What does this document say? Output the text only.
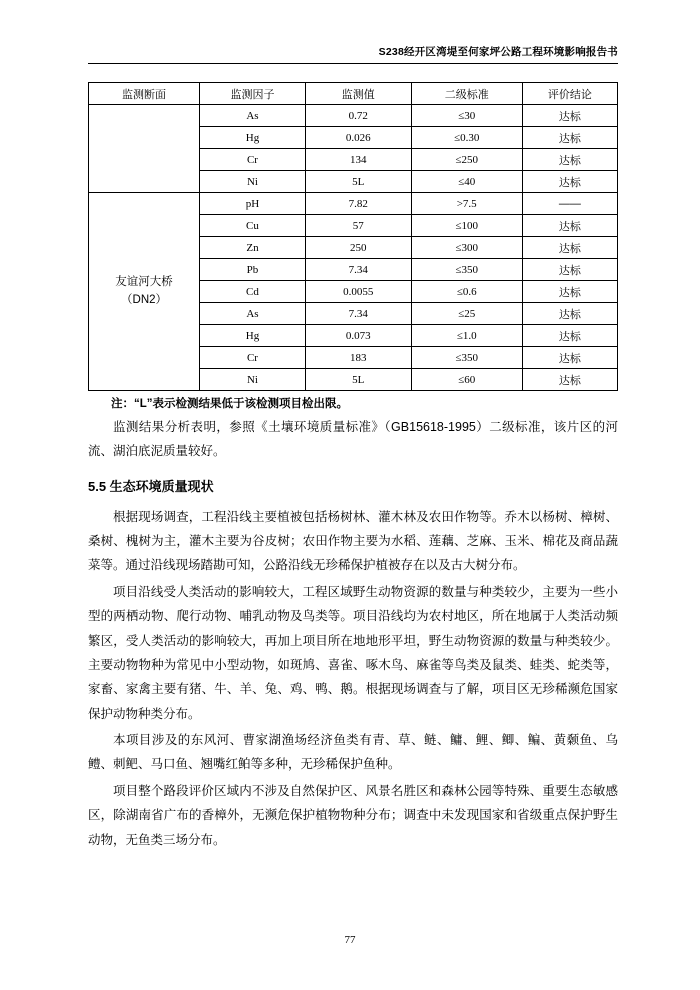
S238经开区湾堤至何家坪公路工程环境影响报告书
监测断面	监测因子	监测值	二级标准	评价结论
	As	0.72	≤30	达标
	Hg	0.026	≤0.30	达标
	Cr	134	≤250	达标
	Ni	5L	≤40	达标

友谊河大桥
（DN2）	pH	7.82	>7.5	——
	Cu	57	≤100	达标
	Zn	250	≤300	达标
	Pb	7.34	≤350	达标
	Cd	0.0055	≤0.6	达标
	As	7.34	≤25	达标
	Hg	0.073	≤1.0	达标
	Cr	183	≤350	达标
	Ni	5L	≤60	达标
注：“L”表示检测结果低于该检测项目检出限。

监测结果分析表明，参照《土壤环境质量标准》（GB15618-1995）二级标准，该片区的河流、湖泊底泥质量较好。

5.5 生态环境质量现状

根据现场调查，工程沿线主要植被包括杨树林、灌木林及农田作物等。乔木以杨树、樟树、桑树、槐树为主，灌木主要为谷皮树；农田作物主要为水稻、莲藕、芝麻、玉米、棉花及商品蔬菜等。通过沿线现场踏勘可知，公路沿线无珍稀保护植被存在以及古大树分布。

项目沿线受人类活动的影响较大，工程区域野生动物资源的数量与种类较少，主要为一些小型的两栖动物、爬行动物、哺乳动物及鸟类等。项目沿线均为农村地区，所在地属于人类活动频繁区，受人类活动的影响较大，再加上项目所在地地形平坦，野生动物资源的数量与种类较少。主要动物物种为常见中小型动物，如斑鸠、喜雀、啄木鸟、麻雀等鸟类及鼠类、蛙类、蛇类等，家畜、家禽主要有猪、牛、羊、兔、鸡、鸭、鹅。根据现场调查与了解，项目区无珍稀濒危国家保护动物种类分布。

本项目涉及的东风河、曹家湖渔场经济鱼类有青、草、鲢、鳙、鲤、鲫、鳊、黄颡鱼、乌鳢、刺鲃、马口鱼、翘嘴红鲌等多种，无珍稀保护鱼种。

项目整个路段评价区域内不涉及自然保护区、风景名胜区和森林公园等特殊、重要生态敏感区，除湖南省广布的香樟外，无濒危保护植物物种分布；调查中未发现国家和省级重点保护野生动物，无鱼类三场分布。

77
